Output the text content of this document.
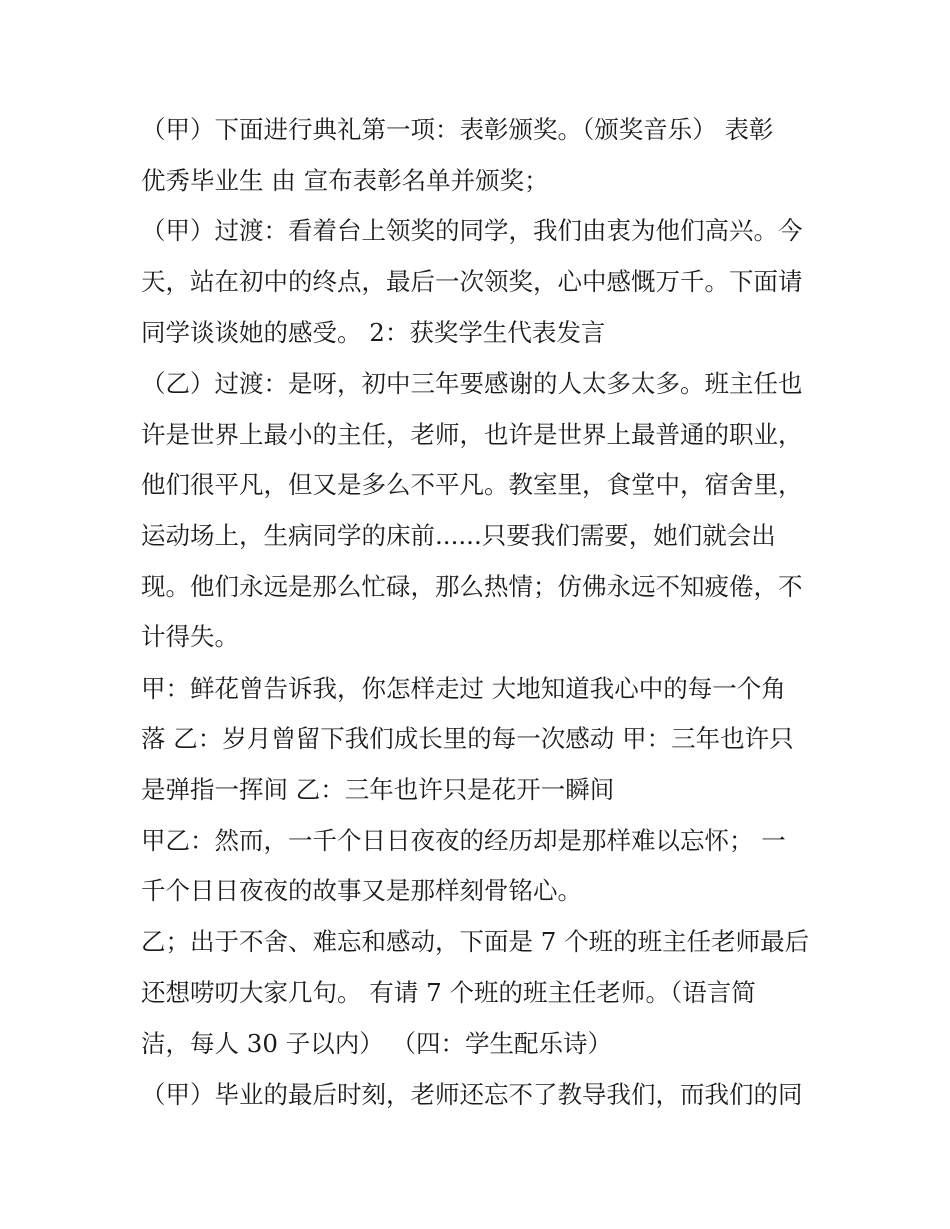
（甲）下面进行典礼第一项：表彰颁奖。（颁奖音乐） 表彰
优秀毕业生 由 宣布表彰名单并颁奖；
（甲）过渡：看着台上领奖的同学，我们由衷为他们高兴。今
天，站在初中的终点，最后一次领奖，心中感慨万千。下面请
同学谈谈她的感受。 2：获奖学生代表发言
（乙）过渡：是呀，初中三年要感谢的人太多太多。班主任也
许是世界上最小的主任，老师，也许是世界上最普通的职业，
他们很平凡，但又是多么不平凡。教室里，食堂中，宿舍里，
运动场上，生病同学的床前......只要我们需要，她们就会出
现。他们永远是那么忙碌，那么热情；仿佛永远不知疲倦，不
计得失。
甲：鲜花曾告诉我，你怎样走过 大地知道我心中的每一个角
落 乙：岁月曾留下我们成长里的每一次感动 甲：三年也许只
是弹指一挥间 乙：三年也许只是花开一瞬间
甲乙：然而，一千个日日夜夜的经历却是那样难以忘怀； 一
千个日日夜夜的故事又是那样刻骨铭心。
乙；出于不舍、难忘和感动，下面是 7 个班的班主任老师最后
还想唠叨大家几句。 有请 7 个班的班主任老师。（语言简
洁，每人 30 子以内） （四：学生配乐诗）
（甲）毕业的最后时刻，老师还忘不了教导我们，而我们的同
